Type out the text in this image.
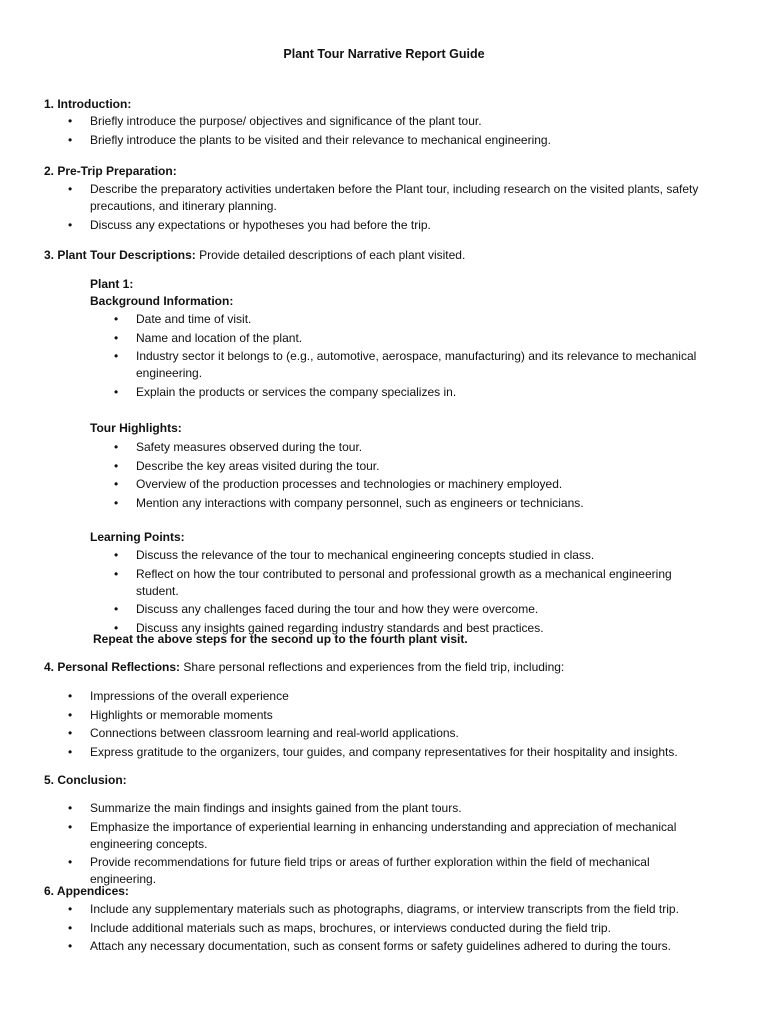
Plant Tour Narrative Report Guide
1. Introduction:
• Briefly introduce the purpose/ objectives and significance of the plant tour.
• Briefly introduce the plants to be visited and their relevance to mechanical engineering.
2. Pre-Trip Preparation:
• Describe the preparatory activities undertaken before the Plant tour, including research on the visited plants, safety precautions, and itinerary planning.
• Discuss any expectations or hypotheses you had before the trip.
3. Plant Tour Descriptions: Provide detailed descriptions of each plant visited.
Plant 1:
Background Information:
• Date and time of visit.
• Name and location of the plant.
• Industry sector it belongs to (e.g., automotive, aerospace, manufacturing) and its relevance to mechanical engineering.
• Explain the products or services the company specializes in.
Tour Highlights:
• Safety measures observed during the tour.
• Describe the key areas visited during the tour.
• Overview of the production processes and technologies or machinery employed.
• Mention any interactions with company personnel, such as engineers or technicians.
Learning Points:
• Discuss the relevance of the tour to mechanical engineering concepts studied in class.
• Reflect on how the tour contributed to personal and professional growth as a mechanical engineering student.
• Discuss any challenges faced during the tour and how they were overcome.
• Discuss any insights gained regarding industry standards and best practices.
Repeat the above steps for the second up to the fourth plant visit.
4. Personal Reflections: Share personal reflections and experiences from the field trip, including:
• Impressions of the overall experience
• Highlights or memorable moments
• Connections between classroom learning and real-world applications.
• Express gratitude to the organizers, tour guides, and company representatives for their hospitality and insights.
5. Conclusion:
• Summarize the main findings and insights gained from the plant tours.
• Emphasize the importance of experiential learning in enhancing understanding and appreciation of mechanical engineering concepts.
• Provide recommendations for future field trips or areas of further exploration within the field of mechanical engineering.
6. Appendices:
• Include any supplementary materials such as photographs, diagrams, or interview transcripts from the field trip.
• Include additional materials such as maps, brochures, or interviews conducted during the field trip.
• Attach any necessary documentation, such as consent forms or safety guidelines adhered to during the tours.
